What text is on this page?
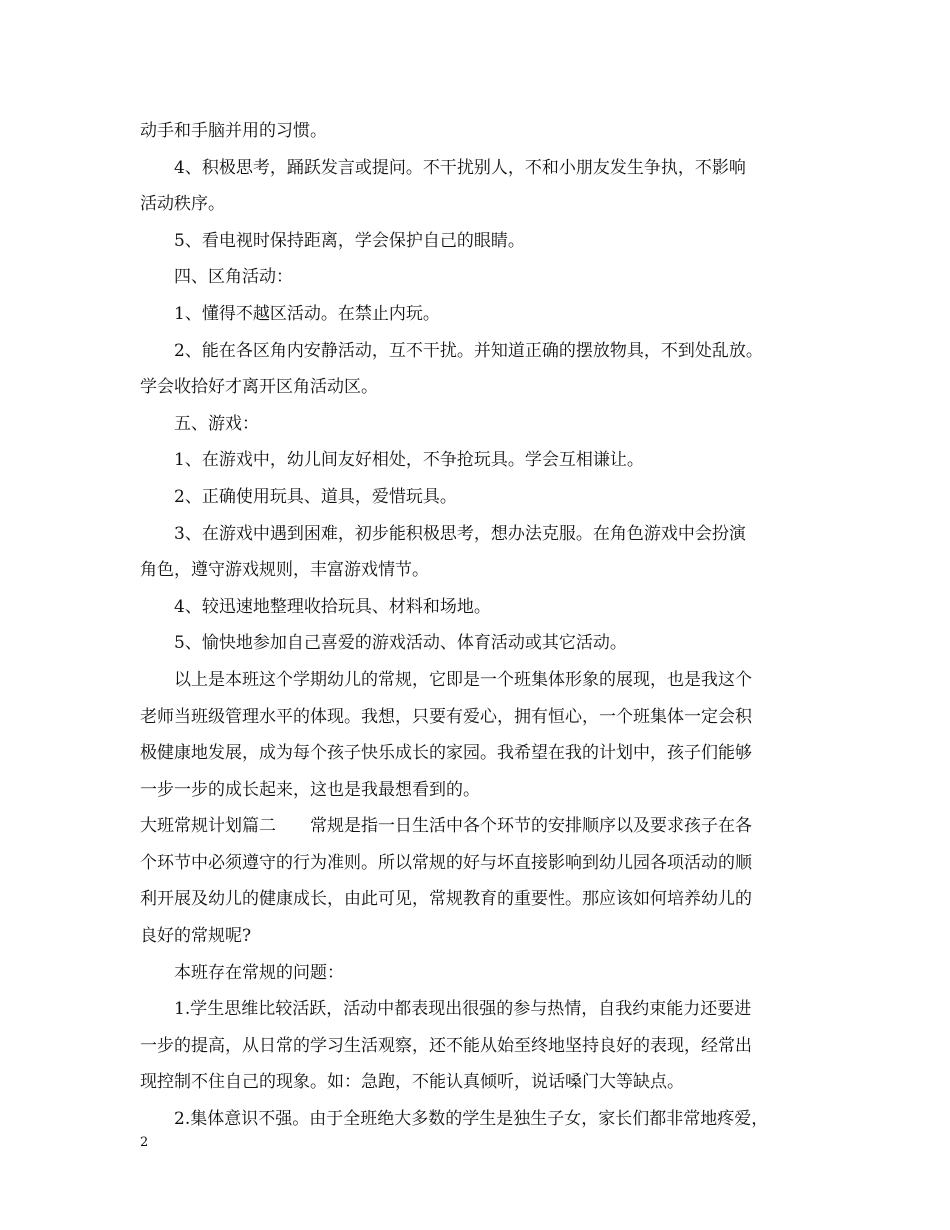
动手和手脑并用的习惯。

4、积极思考，踊跃发言或提问。不干扰别人，不和小朋友发生争执，不影响

活动秩序。

5、看电视时保持距离，学会保护自己的眼睛。

四、区角活动：

1、懂得不越区活动。在禁止内玩。

2、能在各区角内安静活动，互不干扰。并知道正确的摆放物具，不到处乱放。

学会收拾好才离开区角活动区。

五、游戏：

1、在游戏中，幼儿间友好相处，不争抢玩具。学会互相谦让。

2、正确使用玩具、道具，爱惜玩具。

3、在游戏中遇到困难，初步能积极思考，想办法克服。在角色游戏中会扮演

角色，遵守游戏规则，丰富游戏情节。

4、较迅速地整理收拾玩具、材料和场地。

5、愉快地参加自己喜爱的游戏活动、体育活动或其它活动。

以上是本班这个学期幼儿的常规，它即是一个班集体形象的展现，也是我这个

老师当班级管理水平的体现。我想，只要有爱心，拥有恒心，一个班集体一定会积

极健康地发展，成为每个孩子快乐成长的家园。我希望在我的计划中，孩子们能够

一步一步的成长起来，这也是我最想看到的。

大班常规计划篇二　　常规是指一日生活中各个环节的安排顺序以及要求孩子在各

个环节中必须遵守的行为准则。所以常规的好与坏直接影响到幼儿园各项活动的顺

利开展及幼儿的健康成长，由此可见，常规教育的重要性。那应该如何培养幼儿的

良好的常规呢?

本班存在常规的问题：

1.学生思维比较活跃，活动中都表现出很强的参与热情，自我约束能力还要进

一步的提高，从日常的学习生活观察，还不能从始至终地坚持良好的表现，经常出

现控制不住自己的现象。如：急跑，不能认真倾听，说话嗓门大等缺点。

2.集体意识不强。由于全班绝大多数的学生是独生子女，家长们都非常地疼爱，

2
